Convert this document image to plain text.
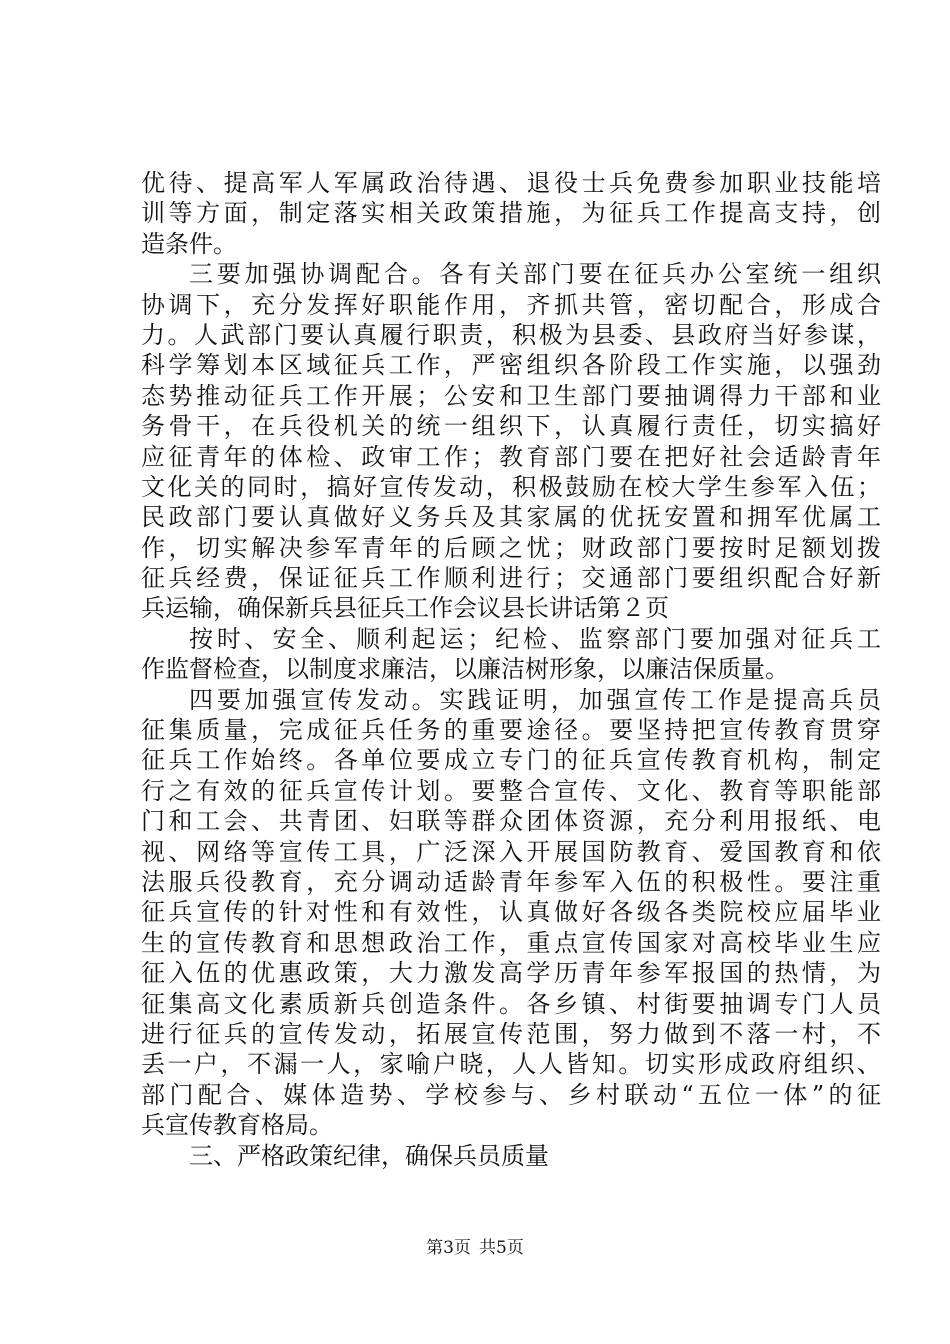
优待、提高军人军属政治待遇、退役士兵免费参加职业技能培
训等方面，制定落实相关政策措施，为征兵工作提高支持，创
造条件。
三要加强协调配合。各有关部门要在征兵办公室统一组织
协调下，充分发挥好职能作用，齐抓共管，密切配合，形成合
力。人武部门要认真履行职责，积极为县委、县政府当好参谋，
科学筹划本区域征兵工作，严密组织各阶段工作实施，以强劲
态势推动征兵工作开展；公安和卫生部门要抽调得力干部和业
务骨干，在兵役机关的统一组织下，认真履行责任，切实搞好
应征青年的体检、政审工作；教育部门要在把好社会适龄青年
文化关的同时，搞好宣传发动，积极鼓励在校大学生参军入伍；
民政部门要认真做好义务兵及其家属的优抚安置和拥军优属工
作，切实解决参军青年的后顾之忧；财政部门要按时足额划拨
征兵经费，保证征兵工作顺利进行；交通部门要组织配合好新
兵运输，确保新兵县征兵工作会议县长讲话第２页
按时、安全、顺利起运；纪检、监察部门要加强对征兵工
作监督检查，以制度求廉洁，以廉洁树形象，以廉洁保质量。
四要加强宣传发动。实践证明，加强宣传工作是提高兵员
征集质量，完成征兵任务的重要途径。要坚持把宣传教育贯穿
征兵工作始终。各单位要成立专门的征兵宣传教育机构，制定
行之有效的征兵宣传计划。要整合宣传、文化、教育等职能部
门和工会、共青团、妇联等群众团体资源，充分利用报纸、电
视、网络等宣传工具，广泛深入开展国防教育、爱国教育和依
法服兵役教育，充分调动适龄青年参军入伍的积极性。要注重
征兵宣传的针对性和有效性，认真做好各级各类院校应届毕业
生的宣传教育和思想政治工作，重点宣传国家对高校毕业生应
征入伍的优惠政策，大力激发高学历青年参军报国的热情，为
征集高文化素质新兵创造条件。各乡镇、村街要抽调专门人员
进行征兵的宣传发动，拓展宣传范围，努力做到不落一村，不
丢一户，不漏一人，家喻户晓，人人皆知。切实形成政府组织、
部门配合、媒体造势、学校参与、乡村联动“五位一体”的征
兵宣传教育格局。
三、严格政策纪律，确保兵员质量
第3页 共5页
